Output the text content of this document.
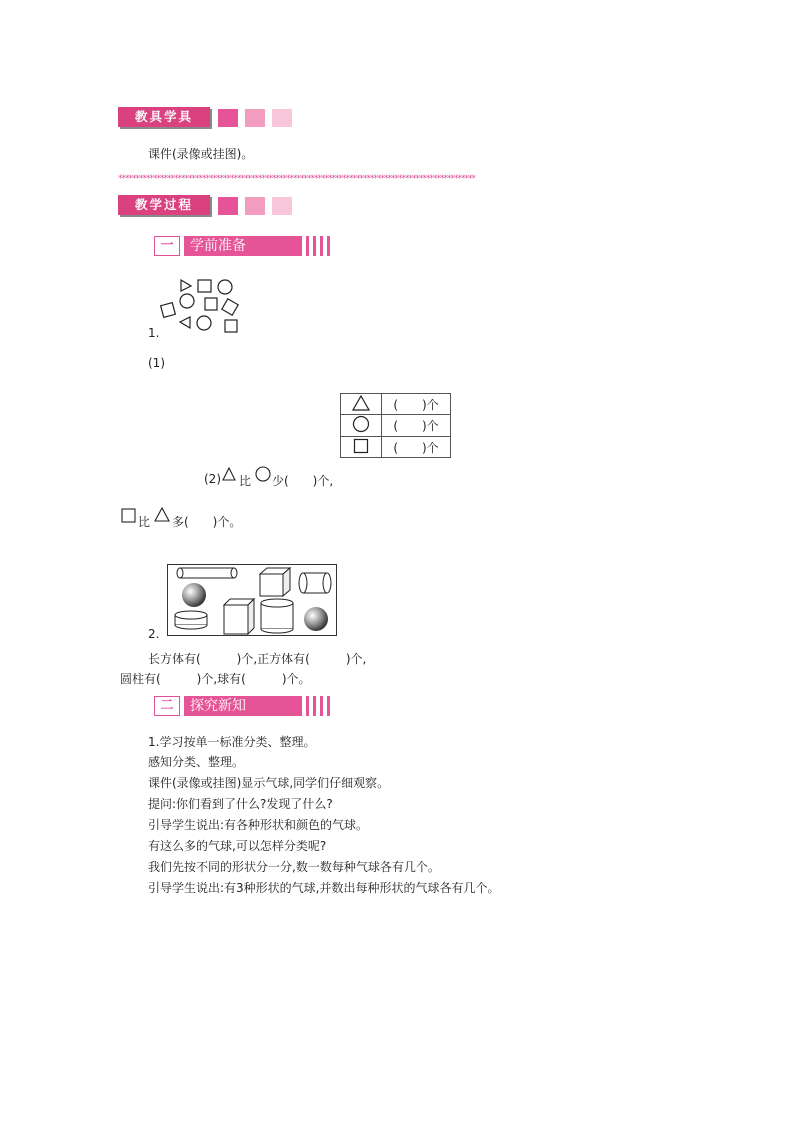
教具学具
课件(录像或挂图)。
******************************************************************************************************
教学过程
一	学前准备
1.
(1)
	(　　)个
	(　　)个
	(　　)个
(2) 比 少(　　)个,
比 多(　　)个。
2.
长方体有(　　　)个,正方体有(　　　)个,
圆柱有(　　　)个,球有(　　　)个。
二	探究新知
1.学习按单一标准分类、整理。
感知分类、整理。
课件(录像或挂图)显示气球,同学们仔细观察。
提问:你们看到了什么?发现了什么?
引导学生说出:有各种形状和颜色的气球。
有这么多的气球,可以怎样分类呢?
我们先按不同的形状分一分,数一数每种气球各有几个。
引导学生说出:有3种形状的气球,并数出每种形状的气球各有几个。
